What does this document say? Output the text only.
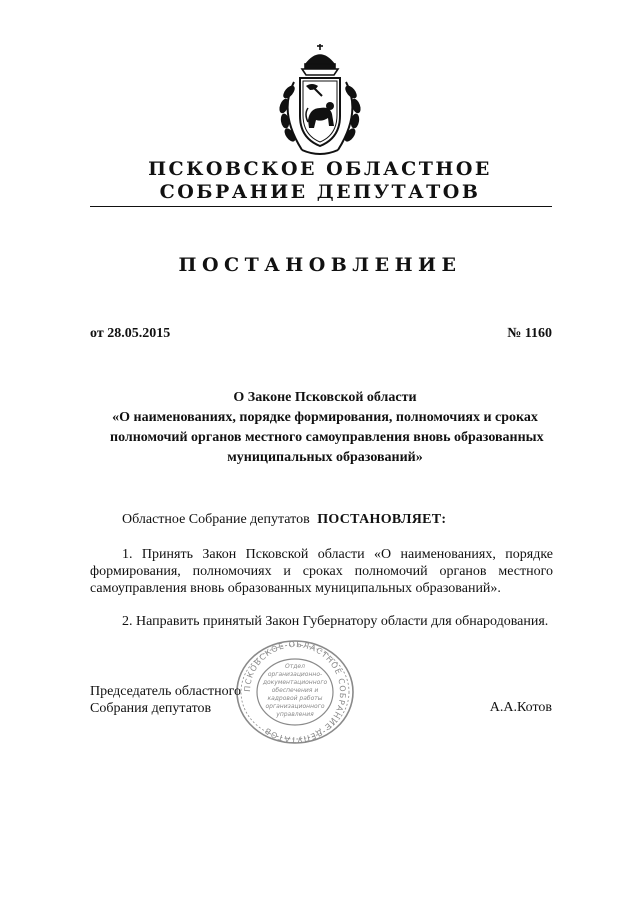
ПСКОВСКОЕ ОБЛАСТНОЕ
СОБРАНИЕ ДЕПУТАТОВ
ПОСТАНОВЛЕНИЕ
от 28.05.2015	№ 1160
О Законе Псковской области
«О наименованиях, порядке формирования, полномочиях и сроках
полномочий органов местного самоуправления вновь образованных
муниципальных образований»
Областное Собрание депутатов ПОСТАНОВЛЯЕТ:
1. Принять Закон Псковской области «О наименованиях, порядке
формирования, полномочиях и сроках полномочий органов местного
самоуправления вновь образованных муниципальных образований».
2. Направить принятый Закон Губернатору области для обнародования.
ПСКОВСКОЕ ОБЛАСТНОЕ СОБРАНИЕ ДЕПУТАТОВ
Отдел
организационно-
документационного
обеспечения и
кадровой работы
организационного
управления
Председатель областного
Собрания депутатов	А.А.Котов
